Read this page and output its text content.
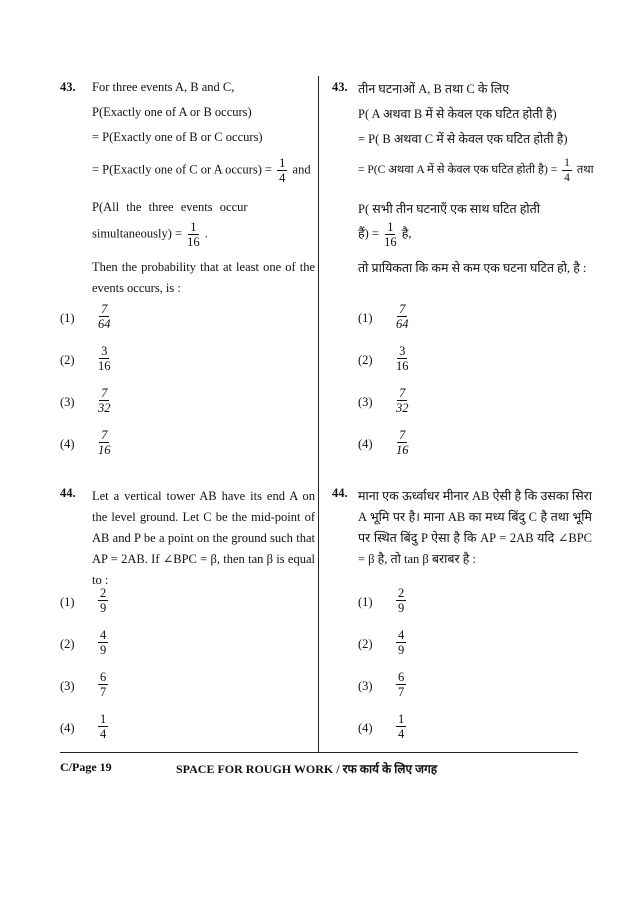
43. For three events A, B and C,
P(Exactly one of A or B occurs)
= P(Exactly one of B or C occurs)
= P(Exactly one of C or A occurs) = $\frac{1}{4}$ and
P(All the three events occur
simultaneously) = $\frac{1}{16}$ .
Then the probability that at least one of the events occurs, is :
$(1) \frac{7}{64}$
$(2) \frac{3}{16}$
$(3) \frac{7}{32}$
$(4) \frac{7}{16}$
44. Let a vertical tower AB have its end A on the level ground. Let C be the mid-point of AB and P be a point on the ground such that AP = 2AB. If ∠BPC = β, then tan β is equal to :
$(1) \frac{2}{9}$
$(2) \frac{4}{9}$
$(3) \frac{6}{7}$
$(4) \frac{1}{4}$
43. तीन घटनाओं A, B तथा C के लिए
P( A अथवा B में से केवल एक घटित होती है)
= P( B अथवा C में से केवल एक घटित होती है)
= P(C अथवा A में से केवल एक घटित होती है) = $\frac{1}{4}$ तथा
P( सभी तीन घटनाएँ एक साथ घटित होती
हैं) = $\frac{1}{16}$ है,
तो प्रायिकता कि कम से कम एक घटना घटित हो, है :
$(1) \frac{7}{64}$
$(2) \frac{3}{16}$
$(3) \frac{7}{32}$
$(4) \frac{7}{16}$
44. माना एक ऊर्ध्वाधर मीनार AB ऐसी है कि उसका सिरा A भूमि पर है। माना AB का मध्य बिंदु C है तथा भूमि पर स्थित बिंदु P ऐसा है कि AP = 2AB यदि ∠BPC = β है, तो tan β बराबर है :
$(1) \frac{2}{9}$
$(2) \frac{4}{9}$
$(3) \frac{6}{7}$
$(4) \frac{1}{4}$
C/Page 19	SPACE FOR ROUGH WORK / रफ कार्य के लिए जगह
